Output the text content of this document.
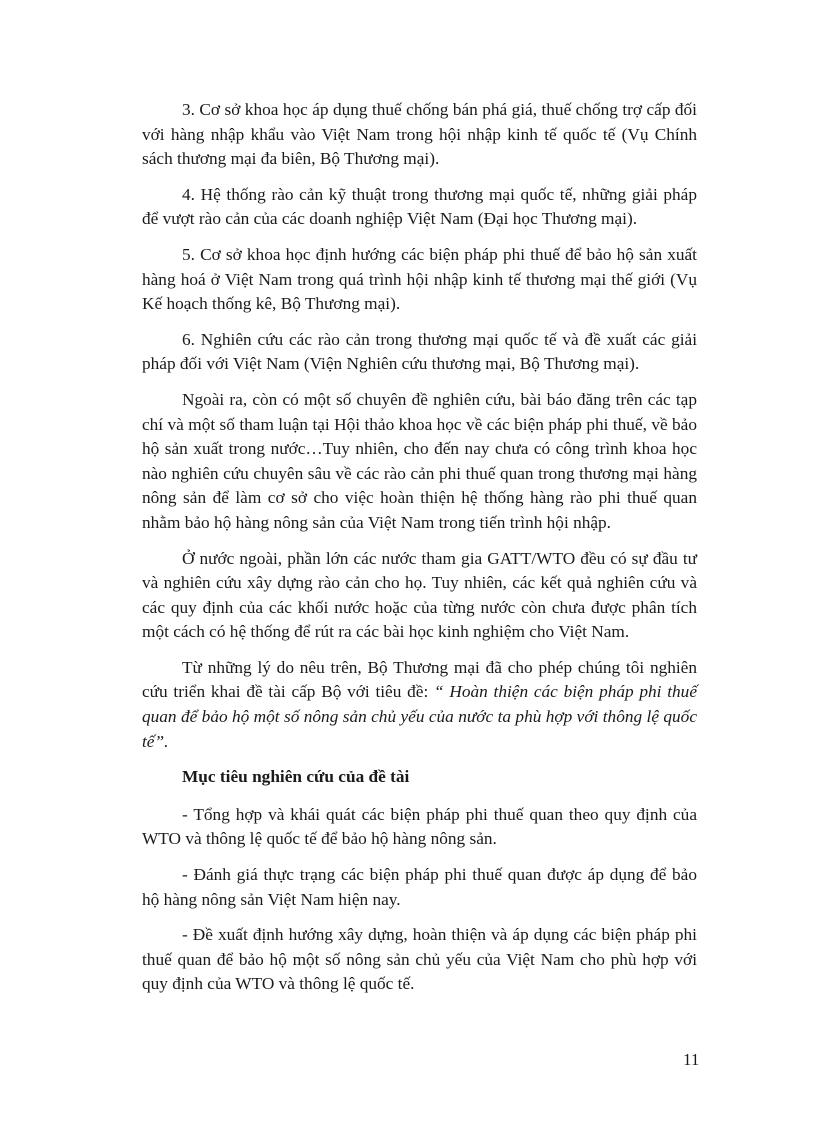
3. Cơ sở khoa học áp dụng thuế chống bán phá giá, thuế chống trợ cấp đối với hàng nhập khẩu vào Việt Nam trong hội nhập kinh tế quốc tế (Vụ Chính sách thương mại đa biên, Bộ Thương mại).

4. Hệ thống rào cản kỹ thuật trong thương mại quốc tế, những giải pháp để vượt rào cản của các doanh nghiệp Việt Nam (Đại học Thương mại).

5. Cơ sở khoa học định hướng các biện pháp phi thuế để bảo hộ sản xuất hàng hoá ở Việt Nam trong quá trình hội nhập kinh tế thương mại thế giới (Vụ Kế hoạch thống kê, Bộ Thương mại).

6. Nghiên cứu các rào cản trong thương mại quốc tế và đề xuất các giải pháp đối với Việt Nam (Viện Nghiên cứu thương mại, Bộ Thương mại).

Ngoài ra, còn có một số chuyên đề nghiên cứu, bài báo đăng trên các tạp chí và một số tham luận tại Hội thảo khoa học về các biện pháp phi thuế, về bảo hộ sản xuất trong nước…Tuy nhiên, cho đến nay chưa có công trình khoa học nào nghiên cứu chuyên sâu về các rào cản phi thuế quan trong thương mại hàng nông sản để làm cơ sở cho việc hoàn thiện hệ thống hàng rào phi thuế quan nhằm bảo hộ hàng nông sản của Việt Nam trong tiến trình hội nhập.

Ở nước ngoài, phần lớn các nước tham gia GATT/WTO đều có sự đầu tư và nghiên cứu xây dựng rào cản cho họ. Tuy nhiên, các kết quả nghiên cứu và các quy định của các khối nước hoặc của từng nước còn chưa được phân tích một cách có hệ thống để rút ra các bài học kinh nghiệm cho Việt Nam.

Từ những lý do nêu trên, Bộ Thương mại đã cho phép chúng tôi nghiên cứu triển khai đề tài cấp Bộ với tiêu đề: “ Hoàn thiện các biện pháp phi thuế quan để bảo hộ một số nông sản chủ yếu của nước ta phù hợp với thông lệ quốc tế”.

Mục tiêu nghiên cứu của đề tài

- Tổng hợp và khái quát các biện pháp phi thuế quan theo quy định của WTO và thông lệ quốc tế để bảo hộ hàng nông sản.

- Đánh giá thực trạng các biện pháp phi thuế quan được áp dụng để bảo hộ hàng nông sản Việt Nam hiện nay.

- Đề xuất định hướng xây dựng, hoàn thiện và áp dụng các biện pháp phi thuế quan để bảo hộ một số nông sản chủ yếu của Việt Nam cho phù hợp với quy định của WTO và thông lệ quốc tế.

11
